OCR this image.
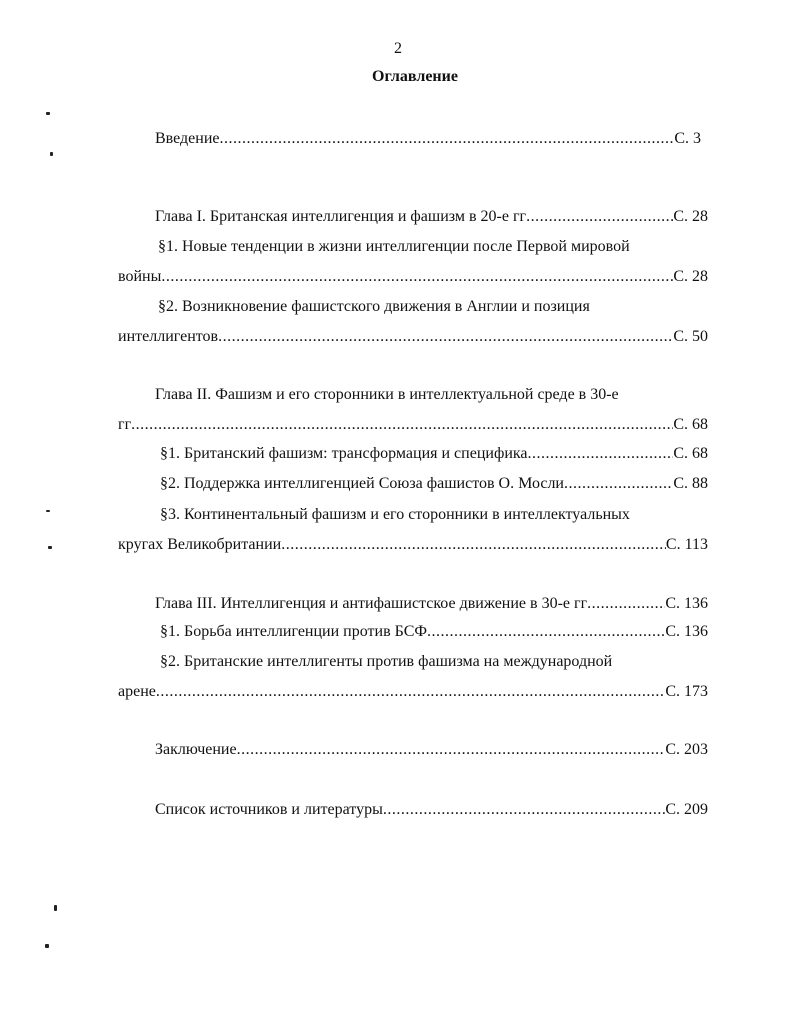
2
Оглавление
Введение .....	С. 3
Глава I. Британская интеллигенция и фашизм в 20-е гг .....	С. 28
§1. Новые тенденции в жизни интеллигенции после Первой мировой
войны .....	С. 28
§2. Возникновение фашистского движения в Англии и позиция
интеллигентов .....	С. 50
Глава II. Фашизм и его сторонники в интеллектуальной среде в 30-е
гг .....	С. 68
§1. Британский фашизм: трансформация и специфика .....	С. 68
§2. Поддержка интеллигенцией Союза фашистов О. Мосли .....	С. 88
§3. Континентальный фашизм и его сторонники в интеллектуальных
кругах Великобритании .....	С. 113
Глава III. Интеллигенция и антифашистское движение в 30-е гг .....	С. 136
§1. Борьба интеллигенции против БСФ .....	С. 136
§2. Британские интеллигенты против фашизма на международной
арене .....	С. 173
Заключение .....	С. 203
Список источников и литературы .....	С. 209
